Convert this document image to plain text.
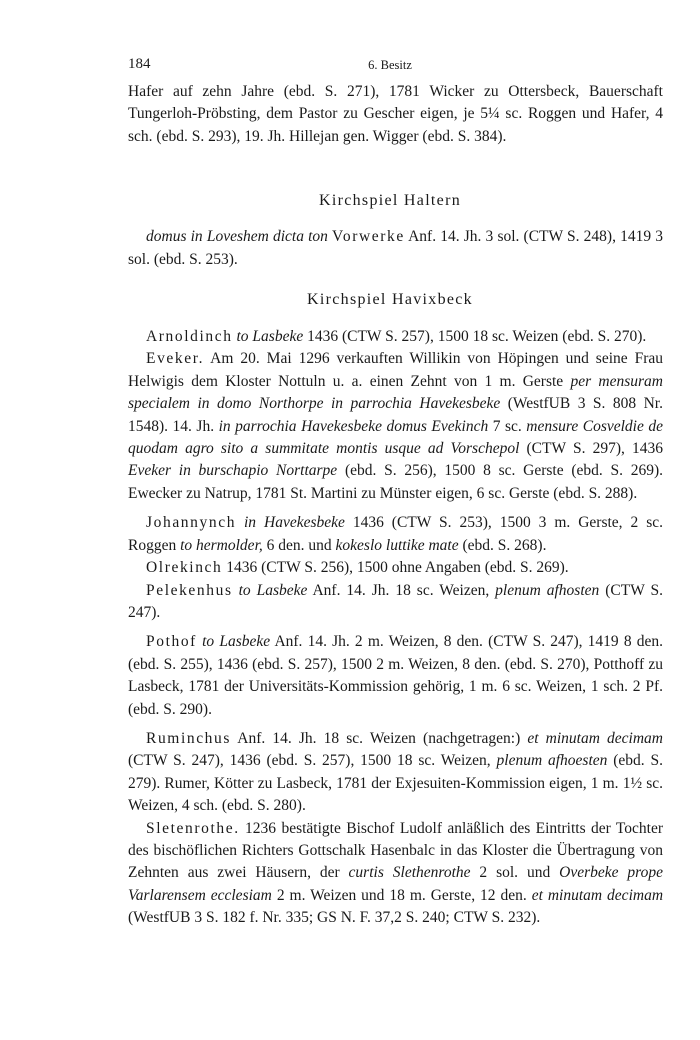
184	6. Besitz

Hafer auf zehn Jahre (ebd. S. 271), 1781 Wicker zu Ottersbeck, Bauerschaft Tungerloh-Pröbsting, dem Pastor zu Gescher eigen, je 5¼ sc. Roggen und Hafer, 4 sch. (ebd. S. 293), 19. Jh. Hillejan gen. Wigger (ebd. S. 384).

Kirchspiel Haltern

domus in Loveshem dicta ton Vorwerke Anf. 14. Jh. 3 sol. (CTW S. 248), 1419 3 sol. (ebd. S. 253).

Kirchspiel Havixbeck

Arnoldinch to Lasbeke 1436 (CTW S. 257), 1500 18 sc. Weizen (ebd. S. 270).

Eveker. Am 20. Mai 1296 verkauften Willikin von Höpingen und seine Frau Helwigis dem Kloster Nottuln u. a. einen Zehnt von 1 m. Gerste per mensuram specialem in domo Northorpe in parrochia Havekesbeke (WestfUB 3 S. 808 Nr. 1548). 14. Jh. in parrochia Havekesbeke domus Evekinch 7 sc. mensure Cosveldie de quodam agro sito a summitate montis usque ad Vorschepol (CTW S. 297), 1436 Eveker in burschapio Norttarpe (ebd. S. 256), 1500 8 sc. Gerste (ebd. S. 269). Ewecker zu Natrup, 1781 St. Martini zu Münster eigen, 6 sc. Gerste (ebd. S. 288).

Johannynch in Havekesbeke 1436 (CTW S. 253), 1500 3 m. Gerste, 2 sc. Roggen to hermolder, 6 den. und kokeslo luttike mate (ebd. S. 268).

Olrekinch 1436 (CTW S. 256), 1500 ohne Angaben (ebd. S. 269).

Pelekenhus to Lasbeke Anf. 14. Jh. 18 sc. Weizen, plenum afhosten (CTW S. 247).

Pothof to Lasbeke Anf. 14. Jh. 2 m. Weizen, 8 den. (CTW S. 247), 1419 8 den. (ebd. S. 255), 1436 (ebd. S. 257), 1500 2 m. Weizen, 8 den. (ebd. S. 270), Potthoff zu Lasbeck, 1781 der Universitäts-Kommission gehörig, 1 m. 6 sc. Weizen, 1 sch. 2 Pf. (ebd. S. 290).

Ruminchus Anf. 14. Jh. 18 sc. Weizen (nachgetragen:) et minutam decimam (CTW S. 247), 1436 (ebd. S. 257), 1500 18 sc. Weizen, plenum afhoesten (ebd. S. 279). Rumer, Kötter zu Lasbeck, 1781 der Exjesuiten-Kommission eigen, 1 m. 1½ sc. Weizen, 4 sch. (ebd. S. 280).

Sletenrothe. 1236 bestätigte Bischof Ludolf anläßlich des Eintritts der Tochter des bischöflichen Richters Gottschalk Hasenbalc in das Kloster die Übertragung von Zehnten aus zwei Häusern, der curtis Slethenrothe 2 sol. und Overbeke prope Varlarensem ecclesiam 2 m. Weizen und 18 m. Gerste, 12 den. et minutam decimam (WestfUB 3 S. 182 f. Nr. 335; GS N. F. 37,2 S. 240; CTW S. 232).
